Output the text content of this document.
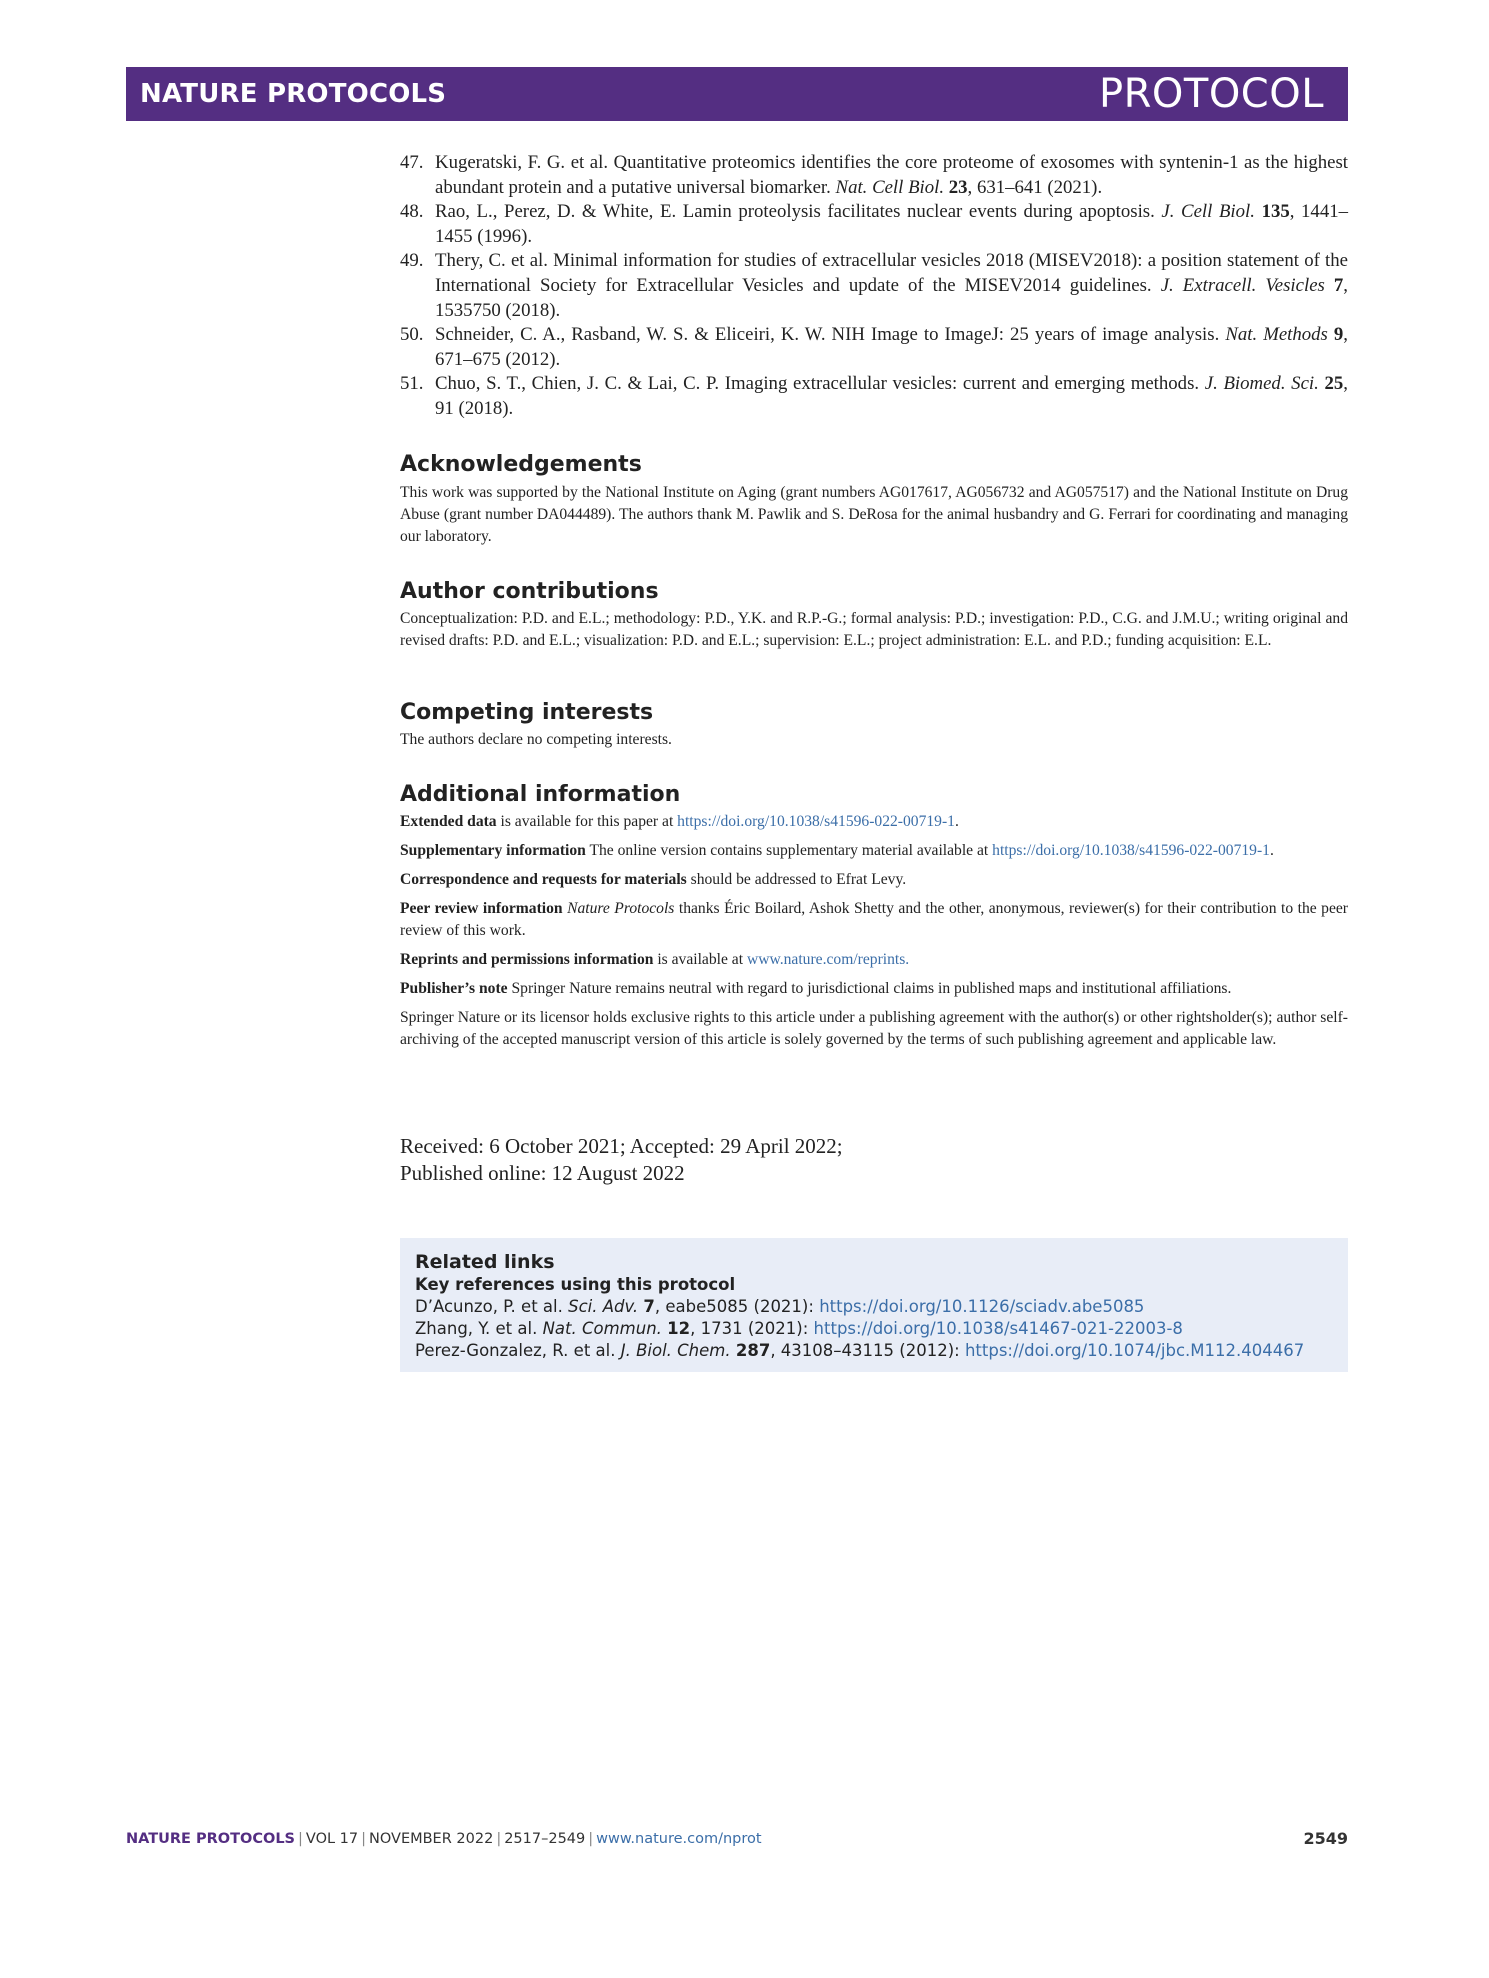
NATURE PROTOCOLS	PROTOCOL
47. Kugeratski, F. G. et al. Quantitative proteomics identifies the core proteome of exosomes with syntenin-1 as the highest abundant protein and a putative universal biomarker. Nat. Cell Biol. 23, 631–641 (2021).
48. Rao, L., Perez, D. & White, E. Lamin proteolysis facilitates nuclear events during apoptosis. J. Cell Biol. 135, 1441–1455 (1996).
49. Thery, C. et al. Minimal information for studies of extracellular vesicles 2018 (MISEV2018): a position statement of the International Society for Extracellular Vesicles and update of the MISEV2014 guidelines. J. Extracell. Vesicles 7, 1535750 (2018).
50. Schneider, C. A., Rasband, W. S. & Eliceiri, K. W. NIH Image to ImageJ: 25 years of image analysis. Nat. Methods 9, 671–675 (2012).
51. Chuo, S. T., Chien, J. C. & Lai, C. P. Imaging extracellular vesicles: current and emerging methods. J. Biomed. Sci. 25, 91 (2018).
Acknowledgements

This work was supported by the National Institute on Aging (grant numbers AG017617, AG056732 and AG057517) and the National Institute on Drug Abuse (grant number DA044489). The authors thank M. Pawlik and S. DeRosa for the animal husbandry and G. Ferrari for coordinating and managing our laboratory.

Author contributions

Conceptualization: P.D. and E.L.; methodology: P.D., Y.K. and R.P.-G.; formal analysis: P.D.; investigation: P.D., C.G. and J.M.U.; writing original and revised drafts: P.D. and E.L.; visualization: P.D. and E.L.; supervision: E.L.; project administration: E.L. and P.D.; funding acquisition: E.L.

Competing interests

The authors declare no competing interests.

Additional information

Extended data is available for this paper at https://doi.org/10.1038/s41596-022-00719-1.

Supplementary information The online version contains supplementary material available at https://doi.org/10.1038/s41596-022-00719-1.

Correspondence and requests for materials should be addressed to Efrat Levy.

Peer review information Nature Protocols thanks Éric Boilard, Ashok Shetty and the other, anonymous, reviewer(s) for their contribution to the peer review of this work.

Reprints and permissions information is available at www.nature.com/reprints.

Publisher’s note Springer Nature remains neutral with regard to jurisdictional claims in published maps and institutional affiliations.

Springer Nature or its licensor holds exclusive rights to this article under a publishing agreement with the author(s) or other rightsholder(s); author self-archiving of the accepted manuscript version of this article is solely governed by the terms of such publishing agreement and applicable law.

Received: 6 October 2021; Accepted: 29 April 2022;
Published online: 12 August 2022
Related links
Key references using this protocol
D’Acunzo, P. et al. Sci. Adv. 7, eabe5085 (2021): https://doi.org/10.1126/sciadv.abe5085
Zhang, Y. et al. Nat. Commun. 12, 1731 (2021): https://doi.org/10.1038/s41467-021-22003-8
Perez-Gonzalez, R. et al. J. Biol. Chem. 287, 43108–43115 (2012): https://doi.org/10.1074/jbc.M112.404467
NATURE PROTOCOLS | VOL 17 | NOVEMBER 2022 | 2517–2549 | www.nature.com/nprot	2549
